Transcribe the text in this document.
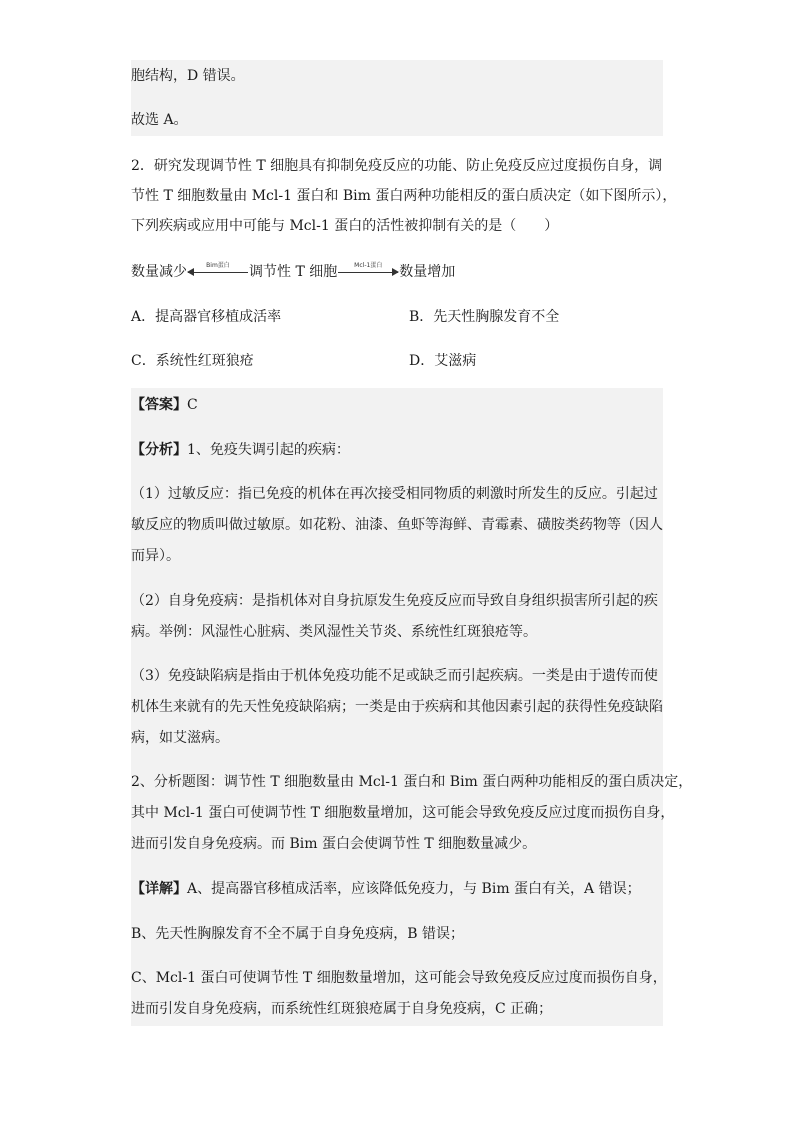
胞结构，D 错误。
故选 A。
2．研究发现调节性 T 细胞具有抑制免疫反应的功能、防止免疫反应过度损伤自身，调
节性 T 细胞数量由 Mcl-1 蛋白和 Bim 蛋白两种功能相反的蛋白质决定（如下图所示），
下列疾病或应用中可能与 Mcl-1 蛋白的活性被抑制有关的是（　　）
数量减少	Bim蛋白	调节性 T 细胞	Mcl-1蛋白	数量增加
A．提高器官移植成活率	B．先天性胸腺发育不全
C．系统性红斑狼疮	D．艾滋病
【答案】C
【分析】1、免疫失调引起的疾病：
（1）过敏反应：指已免疫的机体在再次接受相同物质的刺激时所发生的反应。引起过
敏反应的物质叫做过敏原。如花粉、油漆、鱼虾等海鲜、青霉素、磺胺类药物等（因人
而异）。
（2）自身免疫病：是指机体对自身抗原发生免疫反应而导致自身组织损害所引起的疾
病。举例：风湿性心脏病、类风湿性关节炎、系统性红斑狼疮等。
（3）免疫缺陷病是指由于机体免疫功能不足或缺乏而引起疾病。一类是由于遗传而使
机体生来就有的先天性免疫缺陷病；一类是由于疾病和其他因素引起的获得性免疫缺陷
病，如艾滋病。
2、分析题图：调节性 T 细胞数量由 Mcl-1 蛋白和 Bim 蛋白两种功能相反的蛋白质决定，
其中 Mcl-1 蛋白可使调节性 T 细胞数量增加，这可能会导致免疫反应过度而损伤自身，
进而引发自身免疫病。而 Bim 蛋白会使调节性 T 细胞数量减少。
【详解】A、提高器官移植成活率，应该降低免疫力，与 Bim 蛋白有关，A 错误；
B、先天性胸腺发育不全不属于自身免疫病，B 错误；
C、Mcl-1 蛋白可使调节性 T 细胞数量增加，这可能会导致免疫反应过度而损伤自身，
进而引发自身免疫病，而系统性红斑狼疮属于自身免疫病，C 正确；
